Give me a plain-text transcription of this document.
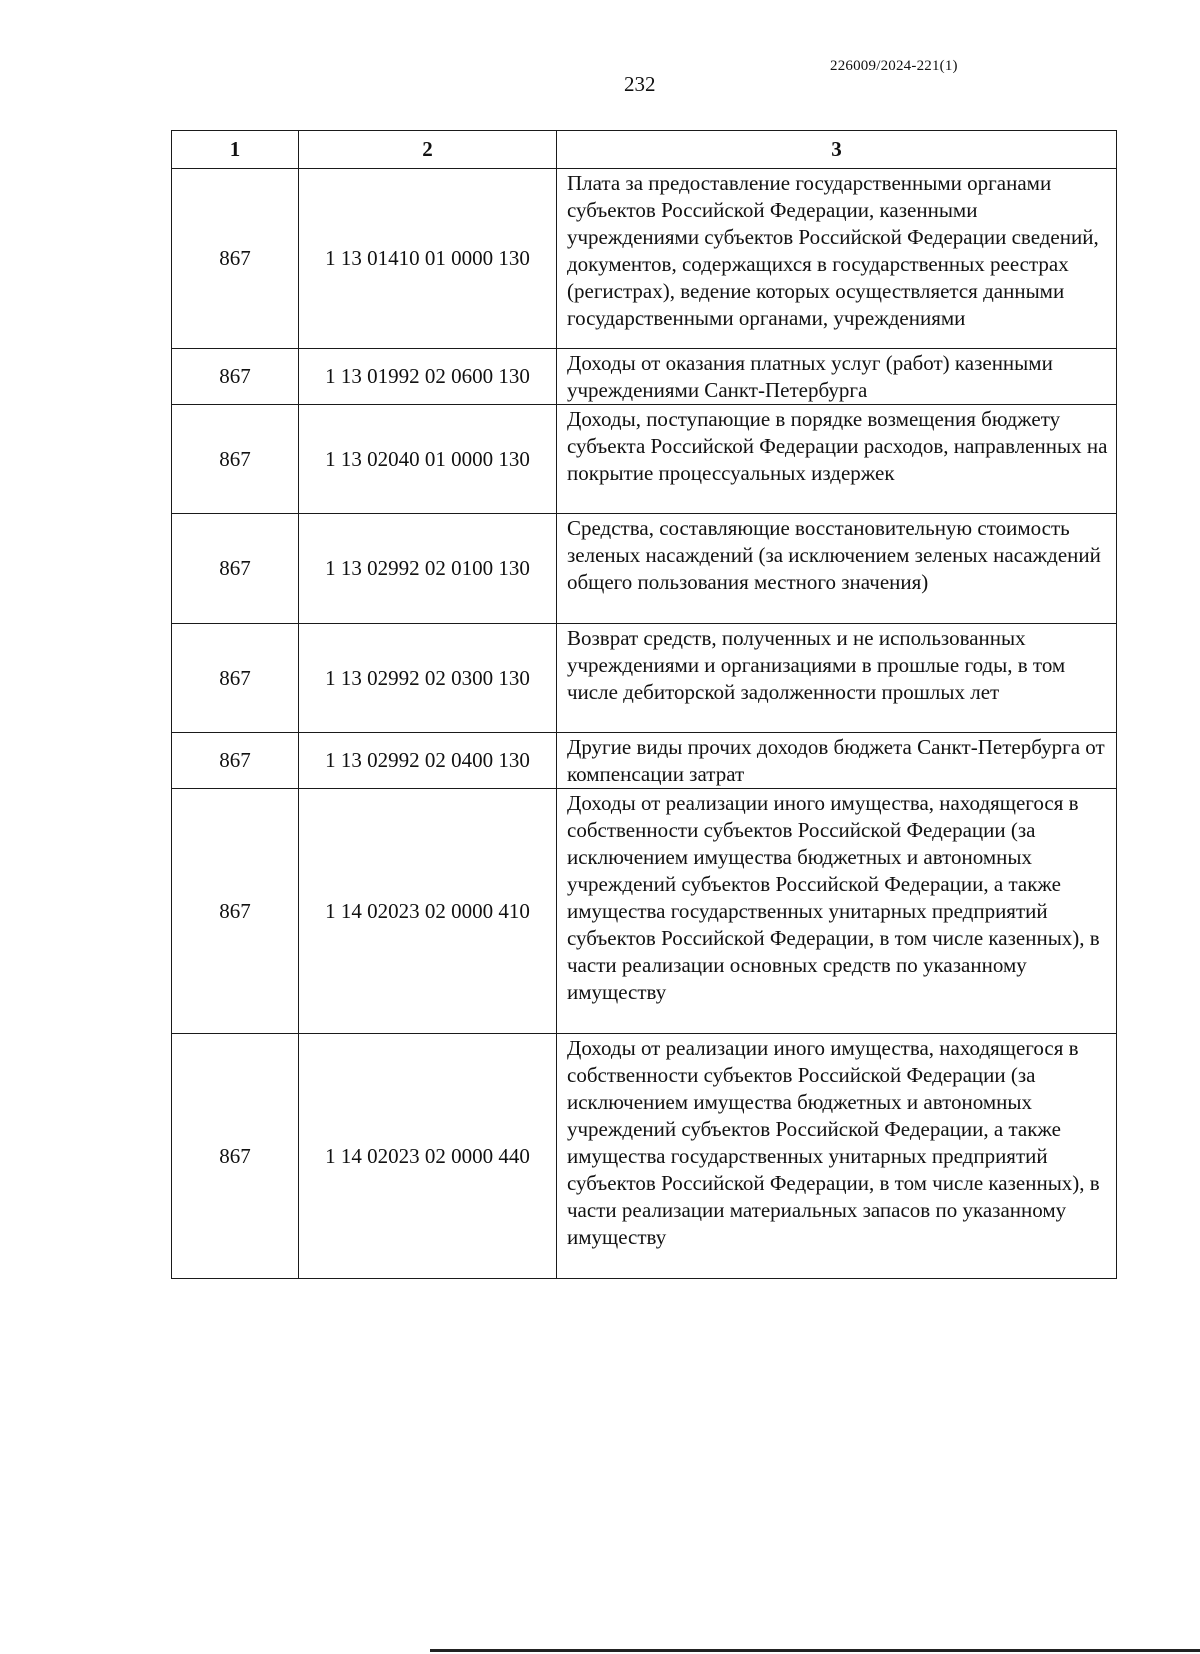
226009/2024-221(1)
232
1	2	3
867	1 13 01410 01 0000 130	Плата за предоставление государственными органами субъектов Российской Федерации, казенными учреждениями субъектов Российской Федерации сведений, документов, содержащихся в государственных реестрах (регистрах), ведение которых осуществляется данными государственными органами, учреждениями
867	1 13 01992 02 0600 130	Доходы от оказания платных услуг (работ) казенными учреждениями Санкт-Петербурга
867	1 13 02040 01 0000 130	Доходы, поступающие в порядке возмещения бюджету субъекта Российской Федерации расходов, направленных на покрытие процессуальных издержек
867	1 13 02992 02 0100 130	Средства, составляющие восстановительную стоимость зеленых насаждений (за исключением зеленых насаждений общего пользования местного значения)
867	1 13 02992 02 0300 130	Возврат средств, полученных и не использованных учреждениями и организациями в прошлые годы, в том числе дебиторской задолженности прошлых лет
867	1 13 02992 02 0400 130	Другие виды прочих доходов бюджета Санкт-Петербурга от компенсации затрат
867	1 14 02023 02 0000 410	Доходы от реализации иного имущества, находящегося в собственности субъектов Российской Федерации (за исключением имущества бюджетных и автономных учреждений субъектов Российской Федерации, а также имущества государственных унитарных предприятий субъектов Российской Федерации, в том числе казенных), в части реализации основных средств по указанному имуществу
867	1 14 02023 02 0000 440	Доходы от реализации иного имущества, находящегося в собственности субъектов Российской Федерации (за исключением имущества бюджетных и автономных учреждений субъектов Российской Федерации, а также имущества государственных унитарных предприятий субъектов Российской Федерации, в том числе казенных), в части реализации материальных запасов по указанному имуществу
